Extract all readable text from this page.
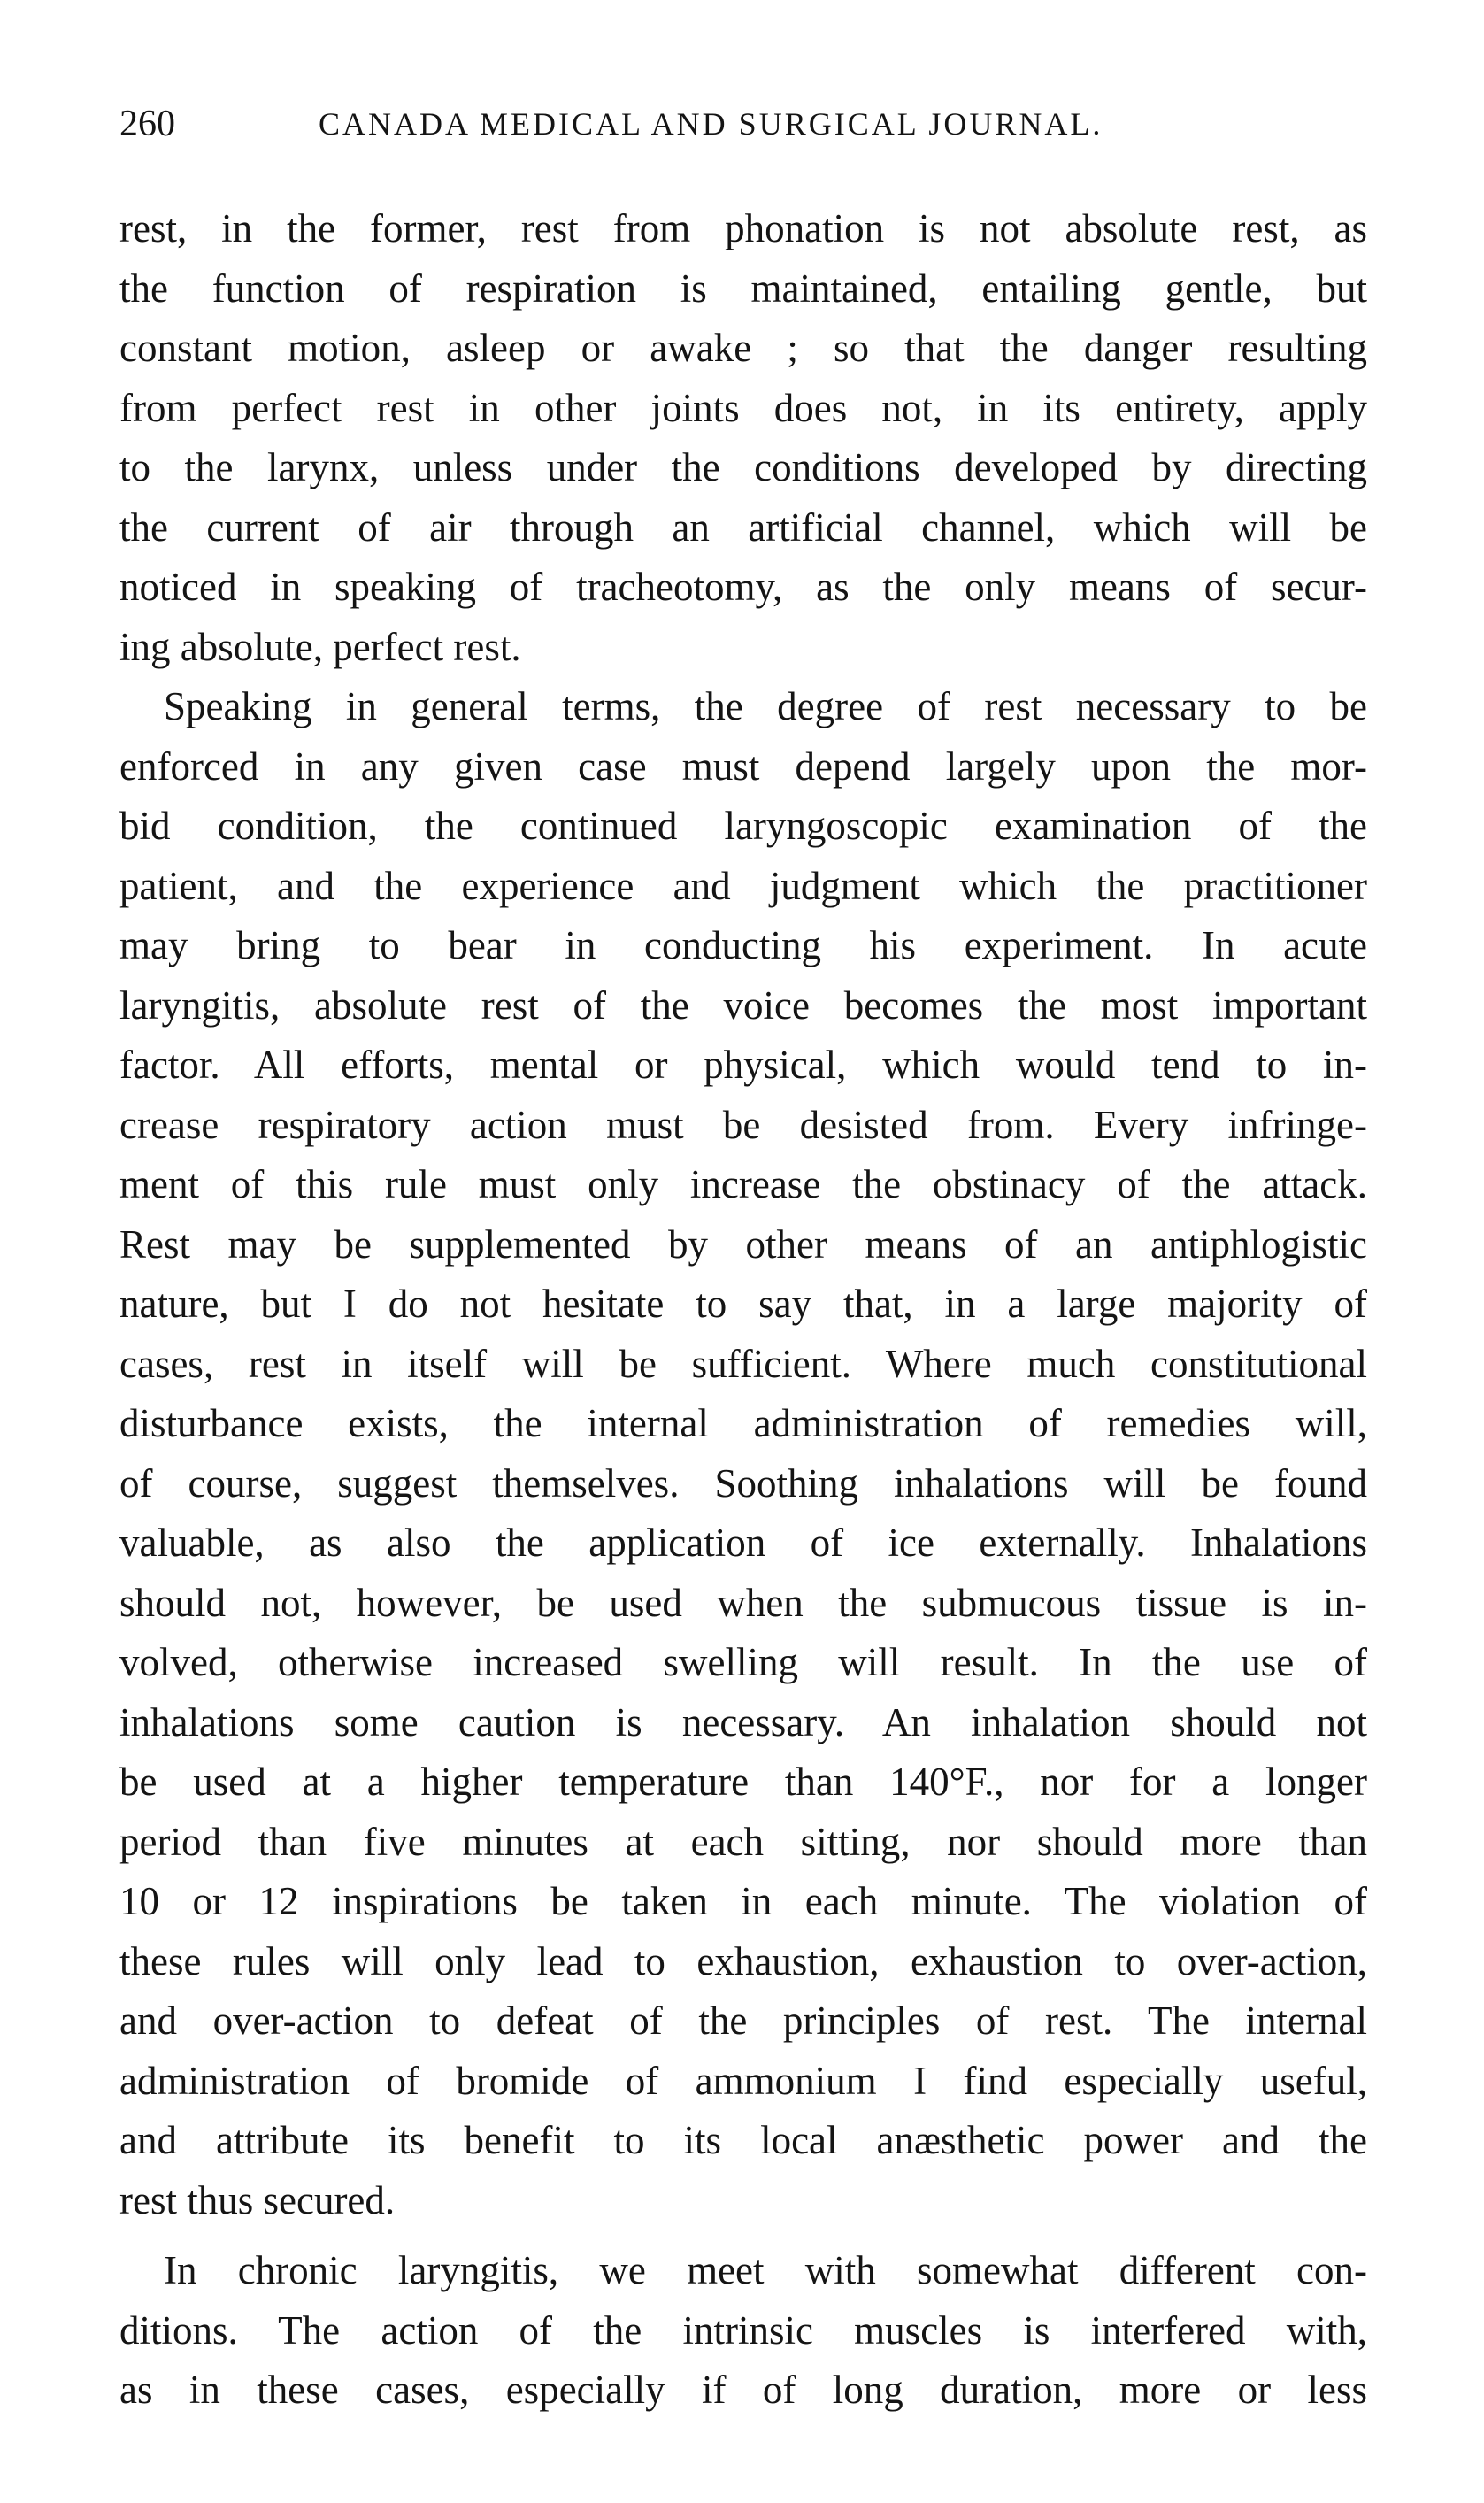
260	CANADA MEDICAL AND SURGICAL JOURNAL.
rest, in the former, rest from phonation is not absolute rest, as
the function of respiration is maintained, entailing gentle, but
constant motion, asleep or awake ; so that the danger resulting
from perfect rest in other joints does not, in its entirety, apply
to the larynx, unless under the conditions developed by directing
the current of air through an artificial channel, which will be
noticed in speaking of tracheotomy, as the only means of secur-
ing absolute, perfect rest.
Speaking in general terms, the degree of rest necessary to be
enforced in any given case must depend largely upon the mor-
bid condition, the continued laryngoscopic examination of the
patient, and the experience and judgment which the practitioner
may bring to bear in conducting his experiment. In acute
laryngitis, absolute rest of the voice becomes the most important
factor. All efforts, mental or physical, which would tend to in-
crease respiratory action must be desisted from. Every infringe-
ment of this rule must only increase the obstinacy of the attack.
Rest may be supplemented by other means of an antiphlogistic
nature, but I do not hesitate to say that, in a large majority of
cases, rest in itself will be sufficient. Where much constitutional
disturbance exists, the internal administration of remedies will,
of course, suggest themselves. Soothing inhalations will be found
valuable, as also the application of ice externally. Inhalations
should not, however, be used when the submucous tissue is in-
volved, otherwise increased swelling will result. In the use of
inhalations some caution is necessary. An inhalation should not
be used at a higher temperature than 140°F., nor for a longer
period than five minutes at each sitting, nor should more than
10 or 12 inspirations be taken in each minute. The violation of
these rules will only lead to exhaustion, exhaustion to over-action,
and over-action to defeat of the principles of rest. The internal
administration of bromide of ammonium I find especially useful,
and attribute its benefit to its local anæsthetic power and the
rest thus secured.
In chronic laryngitis, we meet with somewhat different con-
ditions. The action of the intrinsic muscles is interfered with,
as in these cases, especially if of long duration, more or less
